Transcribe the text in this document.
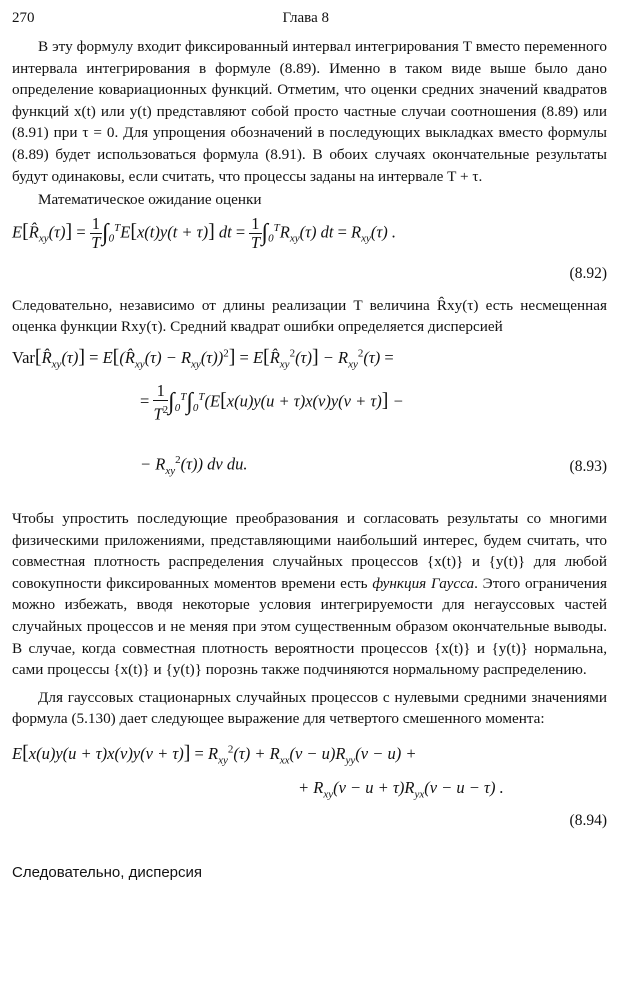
270	Глава 8

В эту формулу входит фиксированный интервал интегрирования T вместо переменного интервала интегрирования в формуле (8.89). Именно в таком виде выше было дано определение ковариационных функций. Отметим, что оценки средних значений квадратов функций x(t) или y(t) представляют собой просто частные случаи соотношения (8.89) или (8.91) при τ = 0. Для упрощения обозначений в последующих выкладках вместо формулы (8.89) будет использоваться формула (8.91). В обоих случаях окончательные результаты будут одинаковы, если считать, что процессы заданы на интервале T + τ.

Математическое ожидание оценки

$E[R̂_{xy}(\tau)] = \frac{1}{T} \int_0^TE[x(t)y(t + \tau)]$ dt = $\frac{1}{T} \int_0^TR_{xy}(\tau)$ dt = $R_{xy}(\tau)$ .
(8.92)

Следовательно, независимо от длины реализации T величина R̂xy(τ) есть несмещенная оценка функции Rxy(τ). Средний квадрат ошибки определяется дисперсией

$Var[R̂_{xy}(\tau)]$ = $E[(R̂_{xy}(\tau) - R_{xy}(\tau))^2]$ = $E[R̂_{xy}^2(\tau)] - R_{xy}^2(\tau)$ =
= $\frac{1}{T^2} \int_0^T\int_0^T(E[x(u)y(u + \tau)x(v)y(v + \tau)]$ −
− $R_{xy}^2(\tau)$) dv du.	(8.93)

Чтобы упростить последующие преобразования и согласовать результаты со многими физическими приложениями, представляющими наибольший интерес, будем считать, что совместная плотность распределения случайных процессов {x(t)} и {y(t)} для любой совокупности фиксированных моментов времени есть функция Гаусса. Этого ограничения можно избежать, вводя некоторые условия интегрируемости для негауссовых частей случайных процессов и не меняя при этом существенным образом окончательные выводы. В случае, когда совместная плотность вероятности процессов {x(t)} и {y(t)} нормальна, сами процессы {x(t)} и {y(t)} порознь также подчиняются нормальному распределению.

Для гауссовых стационарных случайных процессов с нулевыми средними значениями формула (5.130) дает следующее выражение для четвертого смешенного момента:

$E[x(u)y(u + \tau)x(v)y(v + \tau)] = R_{xy}^2(\tau) + R_{xx}(v - u)R_{yy}(v - u)$ +
+ $R_{xy}(v - u + \tau)R_{yx}(v - u - \tau)$ .
(8.94)

Следовательно, дисперсия
